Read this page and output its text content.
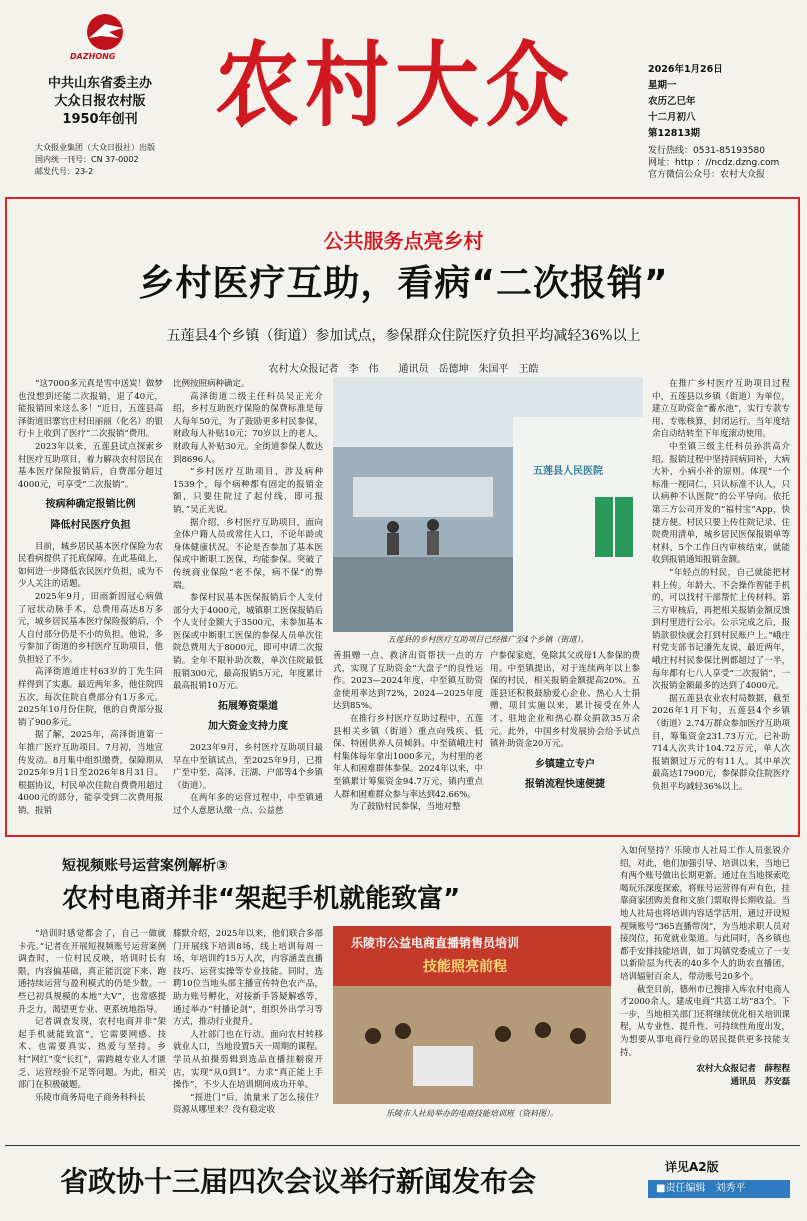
DAZHONG
中共山东省委主办
大众日报农村版
1950年创刊
大众报业集团（大众日报社）出版
国内统一刊号：CN 37-0002
邮发代号：23-2
农村大众	2026年1月26日
星期一
农历乙巳年
十二月初八
第12813期
发行热线：0531-85193580
网址：http ：//ncdz.dzng.com
官方微信公众号：农村大众报
公共服务点亮乡村
乡村医疗互助，看病“二次报销”
五莲县4个乡镇（街道）参加试点，参保群众住院医疗负担平均减轻36%以上
农村大众报记者　李　伟　　通讯员　岳德坤　朱国平　王皓

“这7000多元真是雪中送炭！做梦也没想到还能二次报销，退了40元，能报销回来这么多！”近日，五莲县高泽街道旧寨官庄村田丽丽（化名）的银行卡上收到了医疗“二次报销”费用。

2023年以来，五莲县试点探索乡村医疗互助项目，着力解决农村居民在基本医疗保险报销后，自费部分超过4000元，可享受“二次报销”。

按病种确定报销比例

降低村民医疗负担

目前，城乡居民基本医疗保险为农民看病提供了托底保障。在此基础上，如何进一步降低农民医疗负担，成为不少人关注的话题。

2025年9月，田雨新因冠心病做了冠状动脉手术，总费用高达8万多元，城乡居民基本医疗保险报销后，个人自付部分仍是不小的负担。他说，多亏参加了街道的乡村医疗互助项目，他负担轻了不少。

高泽街道道庄村63岁的丁先生同样得到了实惠。最近两年多，他住院四五次，每次住院自费部分有1万多元。2025年10月份住院，他的自费部分报销了900多元。

据了解，2025年，高泽街道第一年推广医疗互助项目。7月初，当地宣传发动。8月集中组织缴费，保障期从2025年9月1日至2026年8月31日。根据协议，村民单次住院自费费用超过4000元的部分，能享受到二次费用报销，报销

比例按照病种确定。

高泽街道二级主任科员吴正光介绍，乡村互助医疗保险的保费标准是每人每年50元，为了鼓励更多村民参保，财政每人补贴10元；70岁以上的老人，财政每人补贴30元。全街道参保人数达到8696人。

“乡村医疗互助项目，涉及病种1539个，每个病种都有固定的报销金额，只要住院过了起付线，即可报销，”吴正光说。

据介绍，乡村医疗互助项目，面向全体户籍人员或常住人口，不论年龄或身体健康状况。不论是否参加了基本医保或中断职工医保，均能参保。突破了传统商业保险“老不保，病不保”的弊端。

参保村民基本医保报销后个人支付部分大于4000元，城镇职工医保报销后个人支付金额大于3500元，未参加基本医保或中断职工医保的参保人员单次住院总费用大于8000元，即可申请二次报销。全年不限补助次数，单次住院最低报销300元，最高报销5万元，年度累计最高报销10万元。

拓展筹资渠道

加大资金支持力度

2023年9月，乡村医疗互助项目最早在中至镇试点，至2025年9月，已推广至中至、高泽、汪湖、户部等4个乡镇（街道）。

在两年多的运营过程中，中至镇通过个人意愿认缴一点、公益慈

五莲县人民医院
五莲县的乡村医疗互助项目已经推广至4个乡镇（街道）。

善捐赠一点、救济出资帮扶一点的方式，实现了互助资金“大盘子”的良性运作。2023—2024年度，中至镇互助资金使用率达到72%，2024—2025年度达到85%。

在推行乡村医疗互助过程中，五莲县相关乡镇（街道）重点向残疾、低保、特困供养人员倾斜。中至镇峨庄村村集体每年拿出1000多元，为村里的老年人和困难群体参保。2024年以来，中至镇累计筹集资金94.7万元，镇内重点人群和困难群众参与率达到42.66%。

为了鼓励村民参保，当地对整

户参保家庭，免除其父或母1人参保的费用。中至镇提出，对于连续两年以上参保的村民，相关报销金额提高20%。五莲县还积极鼓励爱心企业、热心人士捐赠，项目实施以来，累计接受在外人才、驻地企业和热心群众捐款35万余元。此外，中国乡村发展协会给予试点镇补助资金20万元。

乡镇建立专户

报销流程快速便捷

在推广乡村医疗互助项目过程中，五莲县以乡镇（街道）为单位，建立互助资金“蓄水池”，实行专款专用、专账核算，封闭运行。当年度结余自动结转至下年度滚动使用。

中至镇三级主任科员孙洪高介绍，报销过程中坚持同病同补，大病大补，小病小补的原则。体现“一个标准一视同仁，只认标准不认人，只认病种不认医院”的公平导向。依托第三方公司开发的“福村宝”App，快捷方便。村民只要上传住院记录、住院费用清单，城乡居民医保报销单等材料，5个工作日内审核结束，就能收到报销通知报销金额。

“年轻点的村民，自己就能把材料上传。年龄大、不会操作智能手机的，可以找村干部帮忙上传材料。第三方审核后，再把相关报销金额反馈到村里进行公示。公示完成之后，报销款很快就会打到村民账户上。”峨庄村党支部书记潘先友说，最近两年，峨庄村村民参保比例都超过了一半，每年都有七八人享受“二次报销”，一次报销金额最多的达到了4000元。

据五莲县农业农村局数据，截至2026年1月下旬，五莲县4个乡镇（街道）2.74万群众参加医疗互助项目，筹集资金231.73万元，已补助714人次共计104.72万元，单人次报销额过万元的有11人。其中单次最高达17900元，参保群众住院医疗负担平均减轻36%以上。

短视频账号运营案例解析③
农村电商并非“架起手机就能致富”

“培训时感觉都会了，自己一做就卡壳。”记者在开展短视频账号运营案例调查时，一位村民反映，培训时长有限，内容偏基础，真正能沉淀下来、跑通持续运营与盈利模式的仍是少数。一些已初具规模的本地“大V”，也常感提升乏力，渴望更专业、更系统地指导。

记者调查发现，农村电商并非“架起手机就能致富”，它需要网感、技术、也需要真实、热爱与坚持。乡村“网红”变“长红”，需跨越专业人才匮乏、运营经验不足等问题。为此，相关部门在积极破题。

乐陵市商务局电子商务科科长

滕默介绍，2025年以来，他们联合多部门开展线下培训8场，线上培训每周一场，年培训约15万人次，内容涵盖直播技巧、运营实操等专业技能。同时，选聘10位当地头部主播宣传特色农产品，助力账号孵化，对接新手答疑解惑等，通过举办“村播论剑”，组织外出学习等方式，推动行业提升。

人社部门也在行动。面向农村转移就业人口，当地设置5天一周期的课程。学员从拍摄剪辑到选品直播挂橱窗开店，实现“从0到1”。力求“真正能上手操作”，不少人在培训期间成功开单。

“摇进门”后，流量来了怎么接住？资源从哪里来？没有稳定收

乐陵市公益电商直播销售员培训
技能照亮前程
乐陵市人社局举办的电商技能培训班（资料图）。

入如何坚持？乐陵市人社局工作人员张锐介绍，对此，他们加强引导、培训以来，当地已有两个账号做出长期更新。通过在当地探索吃喝玩乐深度探索，将账号运营得有声有色，挂靠商家团购美食和文旅门票取得长期收益。当地人社局也将培训内容适学活用，通过开设短视频账号“365直播带岗”，为当地求职人员对接岗位，拓宽就业渠道。与此同时，各乡镇也都手安排技能培训，如丁坞镇党委成立了一支以新阶层为代表的40多个人的助农直播团，培训辐射百余人，带动账号20多个。

截至目前，德州市已搜排入库农村电商人才2000余人，建成电商“共富工坊”83个。下一步，当地相关部门还将继续优化相关培训课程，从专业性、提升性、可持续性角度出发，为想要从事电商行业的居民提供更多技能支持。

农村大众报记者　薛程程

通讯员　苏安磊

省政协十三届四次会议举行新闻发布会	详见A2版
■责任编辑　刘秀平
